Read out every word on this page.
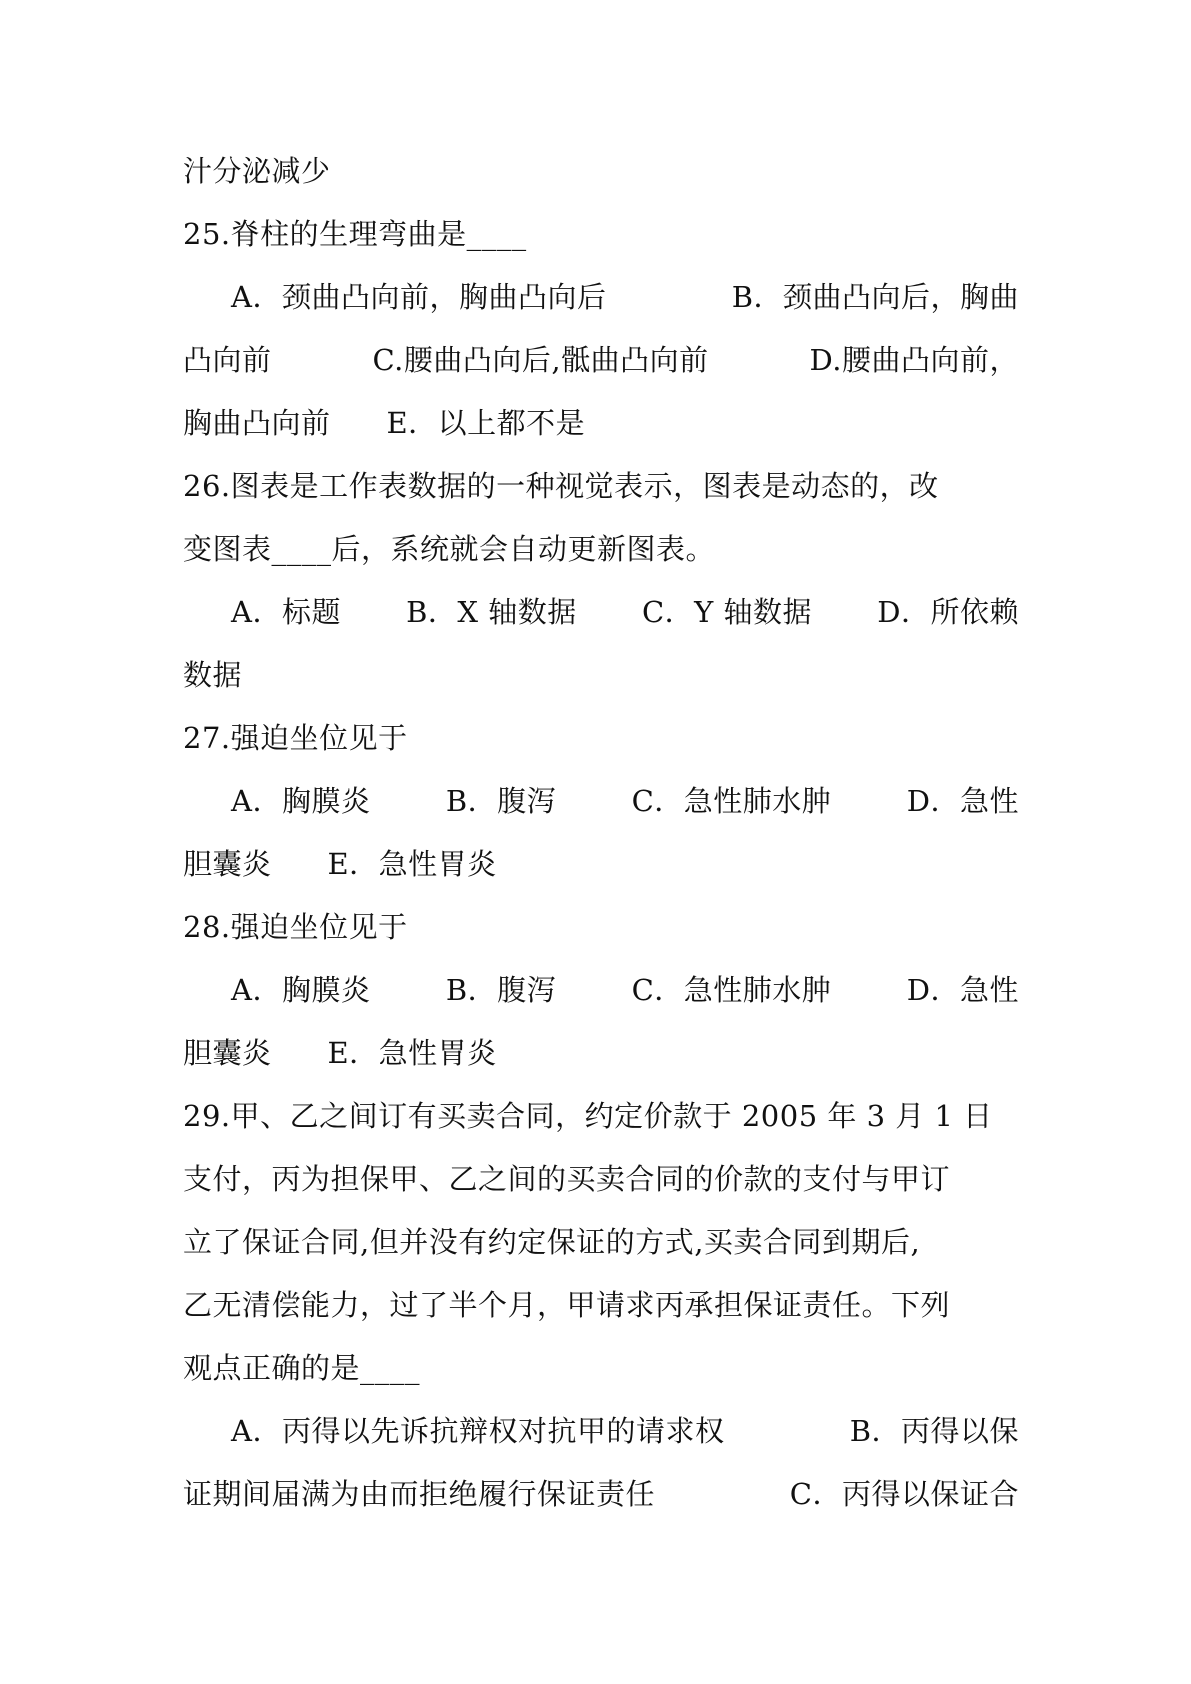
汁分泌减少
25.脊柱的生理弯曲是____
A．颈曲凸向前，胸曲凸向后	B．颈曲凸向后，胸曲
凸向前	C.腰曲凸向后,骶曲凸向前	D.腰曲凸向前，
胸曲凸向前 E．以上都不是
26.图表是工作表数据的一种视觉表示，图表是动态的，改
变图表____后，系统就会自动更新图表。
A．标题 B．X 轴数据 C．Y 轴数据 D．所依赖
数据
27.强迫坐位见于
A．胸膜炎	B．腹泻	C．急性肺水肿	D．急性
胆囊炎 E．急性胃炎
28.强迫坐位见于
A．胸膜炎	B．腹泻	C．急性肺水肿	D．急性
胆囊炎 E．急性胃炎
29.甲、乙之间订有买卖合同，约定价款于 2005 年 3 月 1 日
支付，丙为担保甲、乙之间的买卖合同的价款的支付与甲订
立了保证合同,但并没有约定保证的方式,买卖合同到期后,
乙无清偿能力，过了半个月，甲请求丙承担保证责任。下列
观点正确的是____
A．丙得以先诉抗辩权对抗甲的请求权	B．丙得以保
证期间届满为由而拒绝履行保证责任	C．丙得以保证合
